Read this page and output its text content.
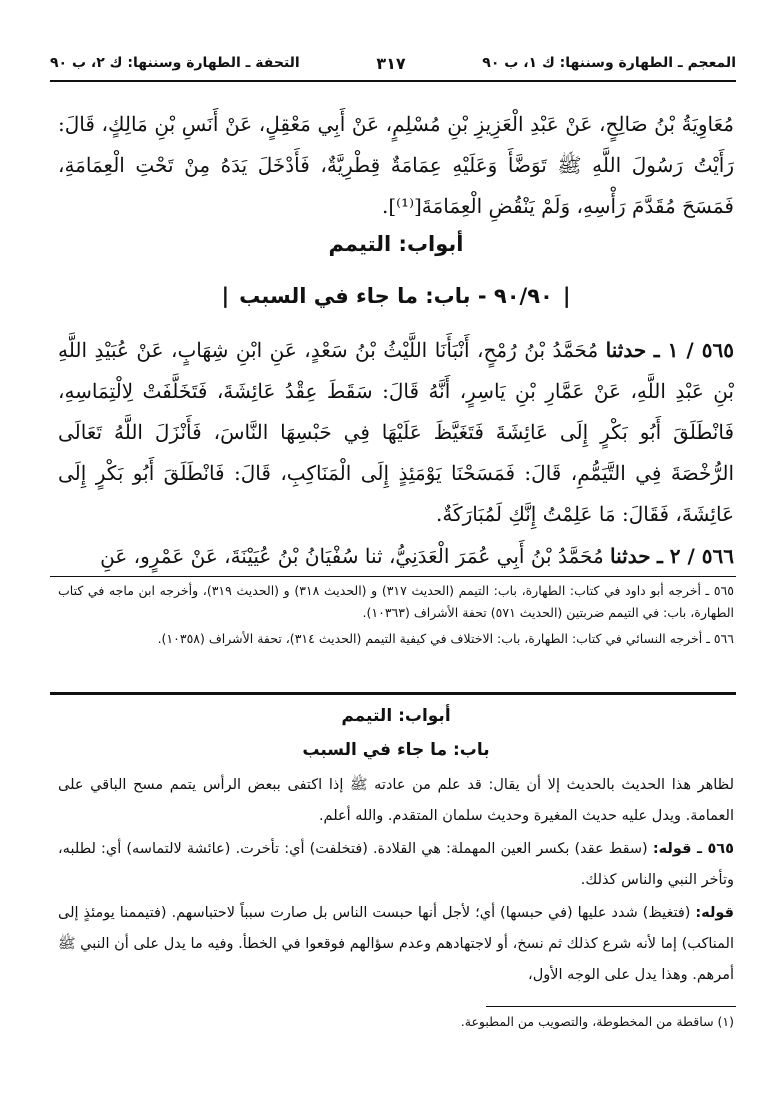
المعجم ـ الطهارة وسننها: ك ١، ب ٩٠
٣١٧
التحفة ـ الطهارة وسننها: ك ٢، ب ٩٠
مُعَاوِيَةُ بْنُ صَالِحٍ، عَنْ عَبْدِ الْعَزِيزِ بْنِ مُسْلِمٍ، عَنْ أَبِي مَعْقِلٍ، عَنْ أَنَسِ بْنِ مَالِكٍ، قَالَ: رَأَيْتُ رَسُولَ اللَّهِ ﷺ تَوَضَّأَ وَعَلَيْهِ عِمَامَةٌ قِطْرِيَّةٌ، فَأَدْخَلَ يَدَهُ مِنْ تَحْتِ الْعِمَامَةِ، فَمَسَحَ مُقَدَّمَ رَأْسِهِ، وَلَمْ يَنْقُضِ الْعِمَامَةَ[⁽¹⁾].
أبواب: التيمم
|٩٠/٩٠ - باب: ما جاء في السبب|
٥٦٥ / ١ ـ حدثنا مُحَمَّدُ بْنُ رُمْحٍ، أَنْبَأَنَا اللَّيْثُ بْنُ سَعْدٍ، عَنِ ابْنِ شِهَابٍ، عَنْ عُبَيْدِ اللَّهِ بْنِ عَبْدِ اللَّهِ، عَنْ عَمَّارِ بْنِ يَاسِرٍ، أَنَّهُ قَالَ: سَقَطَ عِقْدُ عَائِشَةَ، فَتَخَلَّفَتْ لِالْتِمَاسِهِ، فَانْطَلَقَ أَبُو بَكْرٍ إِلَى عَائِشَةَ فَتَغَيَّظَ عَلَيْهَا فِي حَبْسِهَا النَّاسَ، فَأَنْزَلَ اللَّهُ تَعَالَى الرُّخْصَةَ فِي التَّيَمُّمِ، قَالَ: فَمَسَحْنَا يَوْمَئِذٍ إِلَى الْمَنَاكِبِ، قَالَ: فَانْطَلَقَ أَبُو بَكْرٍ إِلَى عَائِشَةَ، فَقَالَ: مَا عَلِمْتُ إِنَّكِ لَمُبَارَكَةٌ.
٥٦٦ / ٢ ـ حدثنا مُحَمَّدُ بْنُ أَبِي عُمَرَ الْعَدَنِيُّ، ثنا سُفْيَانُ بْنُ عُيَيْنَةَ، عَنْ عَمْرٍو، عَنِ
٥٦٥ ـ أخرجه أبو داود في كتاب: الطهارة، باب: التيمم (الحديث ٣١٧) و (الحديث ٣١٨) و (الحديث ٣١٩)، وأخرجه ابن ماجه في كتاب الطهارة، باب: في التيمم ضربتين (الحديث ٥٧١) تحفة الأشراف (١٠٣٦٣).
٥٦٦ ـ أخرجه النسائي في كتاب: الطهارة، باب: الاختلاف في كيفية التيمم (الحديث ٣١٤)، تحفة الأشراف (١٠٣٥٨).
أبواب: التيمم
باب: ما جاء في السبب
لظاهر هذا الحديث بالحديث إلا أن يقال: قد علم من عادته ﷺ إذا اكتفى ببعض الرأس يتمم مسح الباقي على العمامة. ويدل عليه حديث المغيرة وحديث سلمان المتقدم. والله أعلم.
٥٦٥ ـ قوله: (سقط عقد) بكسر العين المهملة: هي القلادة. (فتخلفت) أي: تأخرت. (عائشة لالتماسه) أي: لطلبه، وتأخر النبي والناس كذلك.
قوله: (فتغيظ) شدد عليها (في حبسها) أي؛ لأجل أنها حبست الناس بل صارت سبباً لاحتباسهم. (فتيممنا يومئذٍ إلى المناكب) إما لأنه شرع كذلك ثم نسخ، أو لاجتهادهم وعدم سؤالهم فوقعوا في الخطأ. وفيه ما يدل على أن النبي ﷺ أمرهم. وهذا يدل على الوجه الأول،
(١) ساقطة من المخطوطة، والتصويب من المطبوعة.
